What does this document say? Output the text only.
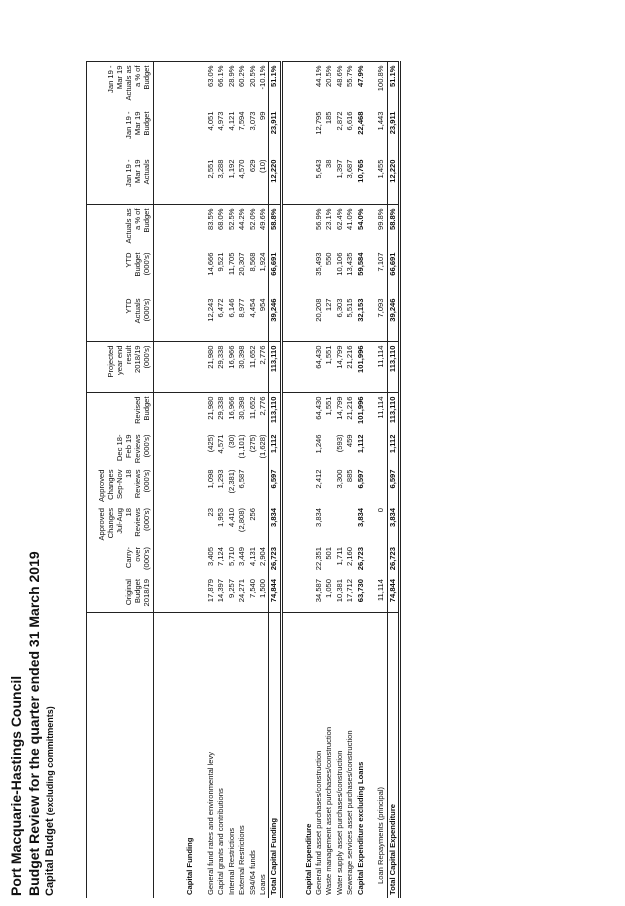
Port Macquarie-Hastings Council Budget Review for the quarter ended 31 March 2019 Capital Budget (excluding commitments)
	Original Budget 2018/19	Carry-over (000's)	Approved Changes Jul-Aug 18 Reviews (000's)	Approved Changes Sep-Nov 18 Reviews (000's)	Dec 18-Feb 19 Reviews (000's)	Revised Budget	Projected year end result 2018/19 (000's)	YTD Actuals (000's)	YTD Budget (000's)	Actuals as a % of Budget	Jan 19 - Mar 19 Actuals	Jan 19 - Mar 19 Budget	Jan 19 - Mar 19 Actuals as a % of Budget

Capital Funding													

General fund rates and environmental levy	17,879	3,405	23	1,098	(425)	21,980	21,980	12,243	14,666	83.5%	2,551	4,051	63.0%
Capital grants and contributions	14,397	7,124	1,953	1,293	4,571	29,338	29,338	6,472	9,521	68.0%	3,288	4,973	66.1%
Internal Restrictions	9,257	5,710	4,410	(2,381)	(30)	16,966	16,966	6,146	11,705	52.5%	1,192	4,121	28.9%
External Restrictions	24,271	3,449	(2,808)	6,587	(1,101)	30,398	30,398	8,977	20,307	44.2%	4,570	7,594	60.2%
S94/64 funds	7,540	4,131	256		(275)	11,652	11,652	4,454	8,568	52.0%	629	3,073	20.5%
Loans	1,500	2,904			(1,628)	2,776	2,776	954	1,924	49.6%	(10)	99	-10.1%
Total Capital Funding	74,844	26,723	3,834	6,597	1,112	113,110	113,110	39,246	66,691	58.8%	12,220	23,911	51.1%

Capital Expenditure													
General fund asset purchases/construction	34,587	22,351	3,834	2,412	1,246	64,430	64,430	20,208	35,493	56.9%	5,643	12,795	44.1%
Waste management asset purchases/construction	1,050	501				1,551	1,551	127	550	23.1%	38	185	20.5%
Water supply asset purchases/construction	10,381	1,711		3,300	(593)	14,799	14,799	6,303	10,106	62.4%	1,397	2,872	48.6%
Sewerage services asset purchases/construction	17,712	2,160		885	459	21,216	21,216	5,515	13,435	41.0%	3,687	6,616	55.7%
Capital Expenditure excluding Loans	63,730	26,723	3,834	6,597	1,112	101,996	101,996	32,153	59,584	54.0%	10,765	22,468	47.9%

Loan Repayments (principal)	11,114		0			11,114	11,114	7,093	7,107	99.8%	1,455	1,443	100.8%
Total Capital Expenditure	74,844	26,723	3,834	6,597	1,112	113,110	113,110	39,246	66,691	58.8%	12,220	23,911	51.1%
